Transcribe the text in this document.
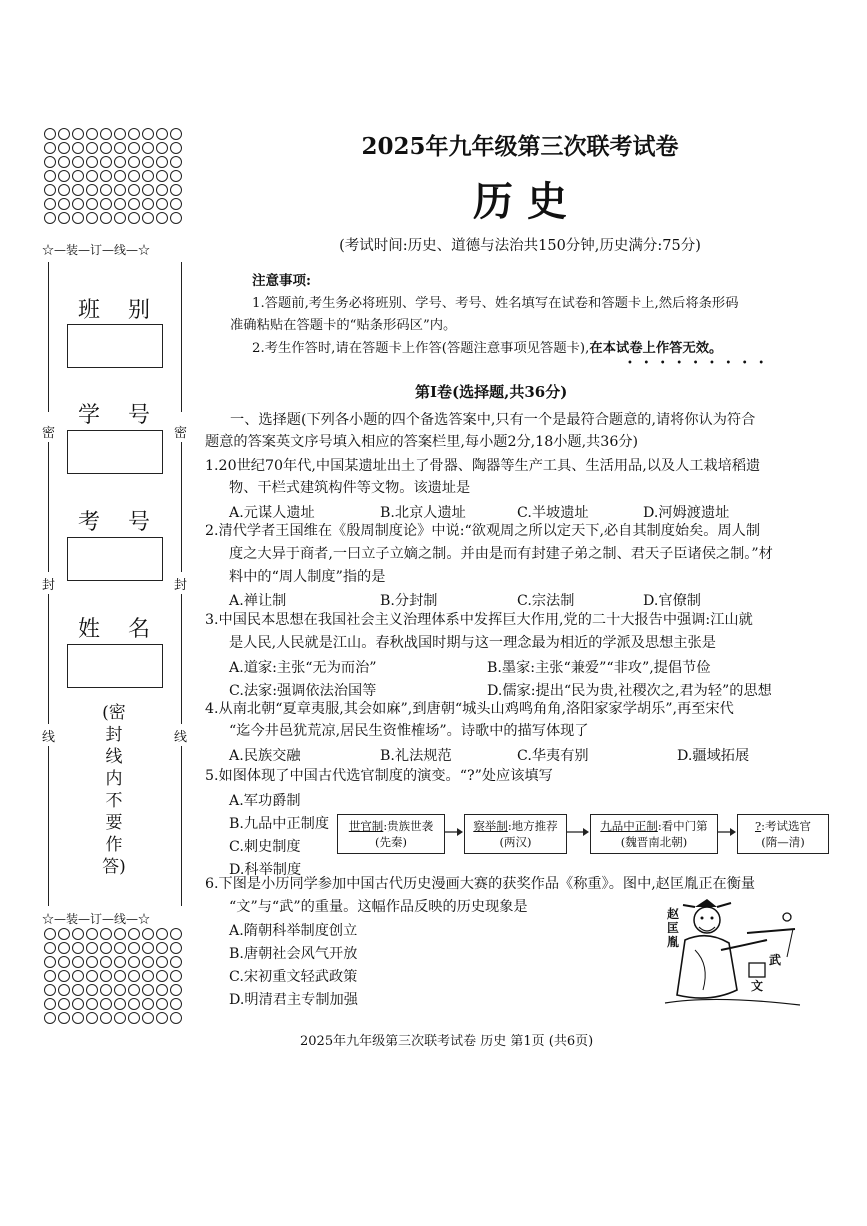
☆—装—订—线—☆
密	密
封	封
线	线
班别
学号
考号
姓名
(密封线内不要作答)
☆—装—订—线—☆
2025年九年级第三次联考试卷
历 史
(考试时间:历史、道德与法治共150分钟,历史满分:75分)
注意事项:
1.答题前,考生务必将班别、学号、考号、姓名填写在试卷和答题卡上,然后将条形码
准确粘贴在答题卡的“贴条形码区”内。
2.考生作答时,请在答题卡上作答(答题注意事项见答题卡),在本试卷上作答无效。
•••••••••
第Ⅰ卷(选择题,共36分)
一、选择题(下列各小题的四个备选答案中,只有一个是最符合题意的,请将你认为符合
题意的答案英文序号填入相应的答案栏里,每小题2分,18小题,共36分)
1.20世纪70年代,中国某遗址出土了骨器、陶器等生产工具、生活用品,以及人工栽培稻遗
物、干栏式建筑构件等文物。该遗址是
A.元谋人遗址	B.北京人遗址	C.半坡遗址	D.河姆渡遗址
2.清代学者王国维在《殷周制度论》中说:“欲观周之所以定天下,必自其制度始矣。周人制
度之大异于商者,一曰立子立嫡之制。并由是而有封建子弟之制、君天子臣诸侯之制。”材
料中的“周人制度”指的是
A.禅让制	B.分封制	C.宗法制	D.官僚制
3.中国民本思想在我国社会主义治理体系中发挥巨大作用,党的二十大报告中强调:江山就
是人民,人民就是江山。春秋战国时期与这一理念最为相近的学派及思想主张是
A.道家:主张“无为而治”	B.墨家:主张“兼爱”“非攻”,提倡节俭
C.法家:强调依法治国等	D.儒家:提出“民为贵,社稷次之,君为轻”的思想
4.从南北朝“夏章夷服,其会如麻”,到唐朝“城头山鸡鸣角角,洛阳家家学胡乐”,再至宋代
“迄今井邑犹荒凉,居民生资惟榷场”。诗歌中的描写体现了
A.民族交融	B.礼法规范	C.华夷有别	D.疆域拓展
5.如图体现了中国古代选官制度的演变。“?”处应该填写
A.军功爵制
B.九品中正制度
C.刺史制度
D.科举制度
世官制:贵族世袭
(先秦)
察举制:地方推荐
(两汉)
九品中正制:看中门第
(魏晋南北朝)
?:考试选官
(隋—清)
6.下图是小历同学参加中国古代历史漫画大赛的获奖作品《称重》。图中,赵匡胤正在衡量
“文”与“武”的重量。这幅作品反映的历史现象是
A.隋朝科举制度创立
B.唐朝社会风气开放
C.宋初重文轻武政策
D.明清君主专制加强
赵匡胤
武
文
2025年九年级第三次联考试卷 历史 第1页 (共6页)
